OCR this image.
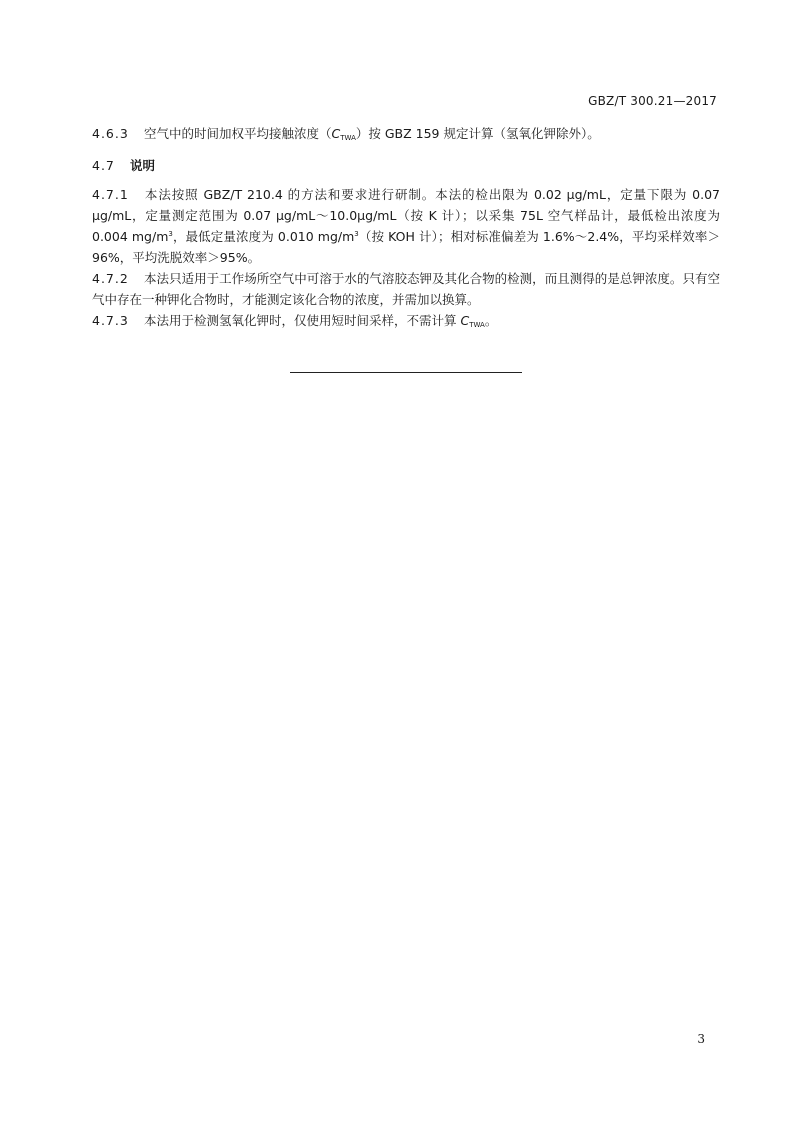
GBZ/T 300.21—2017

4.6.3 空气中的时间加权平均接触浓度$(C_{TWA})$按 GBZ 159 规定计算（氢氧化钾除外）。

4.7 说明

4.7.1 本法按照 GBZ/T 210.4 的方法和要求进行研制。本法的检出限为 0.02 μg/mL，定量下限为 0.07 μg/mL，定量测定范围为 0.07 μg/mL～10.0μg/mL（按 K 计）；以采集 75L 空气样品计，最低检出浓度为 0.004 $mg/m^3$，最低定量浓度为 0.010 $mg/m^3$（按 KOH 计）；相对标准偏差为 1.6%～2.4%，平均采样效率＞96%，平均洗脱效率＞95%。

4.7.2 本法只适用于工作场所空气中可溶于水的气溶胶态钾及其化合物的检测，而且测得的是总钾浓度。只有空气中存在一种钾化合物时，才能测定该化合物的浓度，并需加以换算。

4.7.3 本法用于检测氢氧化钾时，仅使用短时间采样，不需计算 $C_{TWA}$。

3
